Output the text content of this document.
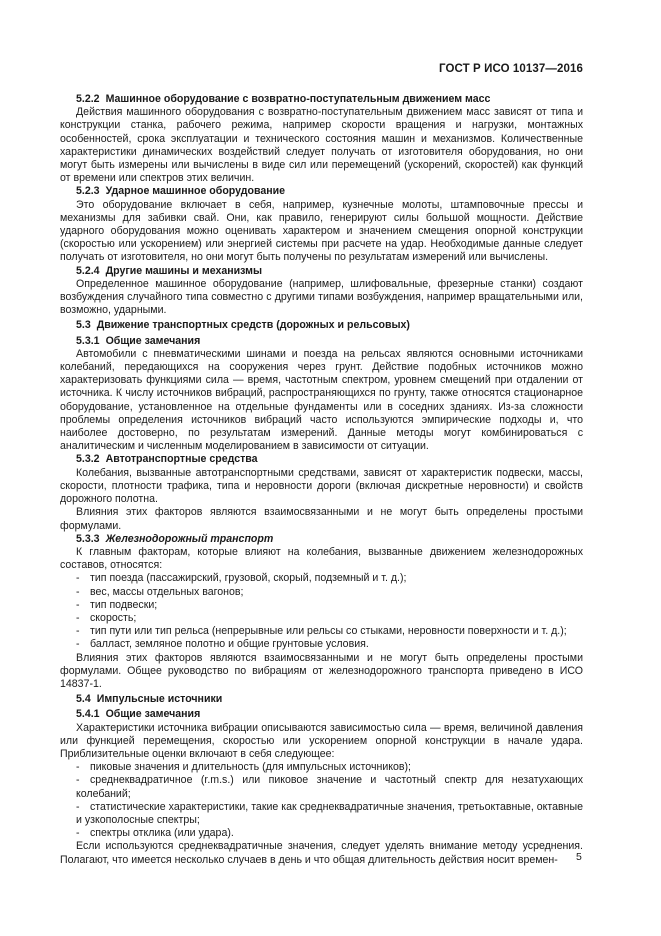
ГОСТ Р ИСО 10137—2016
5.2.2 Машинное оборудование с возвратно-поступательным движением масс

Действия машинного оборудования с возвратно-поступательным движением масс зависят от типа и конструкции станка, рабочего режима, например скорости вращения и нагрузки, монтажных особенностей, срока эксплуатации и технического состояния машин и механизмов. Количественные характеристики динамических воздействий следует получать от изготовителя оборудования, но они могут быть измерены или вычислены в виде сил или перемещений (ускорений, скоростей) как функций от времени или спектров этих величин.

5.2.3 Ударное машинное оборудование

Это оборудование включает в себя, например, кузнечные молоты, штамповочные прессы и механизмы для забивки свай. Они, как правило, генерируют силы большой мощности. Действие ударного оборудования можно оценивать характером и значением смещения опорной конструкции (скоростью или ускорением) или энергией системы при расчете на удар. Необходимые данные следует получать от изготовителя, но они могут быть получены по результатам измерений или вычислены.

5.2.4 Другие машины и механизмы

Определенное машинное оборудование (например, шлифовальные, фрезерные станки) создают возбуждения случайного типа совместно с другими типами возбуждения, например вращательными или, возможно, ударными.

5.3 Движение транспортных средств (дорожных и рельсовых)
5.3.1 Общие замечания

Автомобили с пневматическими шинами и поезда на рельсах являются основными источниками колебаний, передающихся на сооружения через грунт. Действие подобных источников можно характеризовать функциями сила — время, частотным спектром, уровнем смещений при отдалении от источника. К числу источников вибраций, распространяющихся по грунту, также относятся стационарное оборудование, установленное на отдельные фундаменты или в соседних зданиях. Из-за сложности проблемы определения источников вибраций часто используются эмпирические подходы и, что наиболее достоверно, по результатам измерений. Данные методы могут комбинироваться с аналитическим и численным моделированием в зависимости от ситуации.

5.3.2 Автотранспортные средства

Колебания, вызванные автотранспортными средствами, зависят от характеристик подвески, массы, скорости, плотности трафика, типа и неровности дороги (включая дискретные неровности) и свойств дорожного полотна.

Влияния этих факторов являются взаимосвязанными и не могут быть определены простыми формулами.

5.3.3 Железнодорожный транспорт

К главным факторам, которые влияют на колебания, вызванные движением железнодорожных составов, относятся:

- тип поезда (пассажирский, грузовой, скорый, подземный и т. д.);
- вес, массы отдельных вагонов;
- тип подвески;
- скорость;
- тип пути или тип рельса (непрерывные или рельсы со стыками, неровности поверхности и т. д.);
- балласт, земляное полотно и общие грунтовые условия.

Влияния этих факторов являются взаимосвязанными и не могут быть определены простыми формулами. Общее руководство по вибрациям от железнодорожного транспорта приведено в ИСО 14837-1.

5.4 Импульсные источники
5.4.1 Общие замечания

Характеристики источника вибрации описываются зависимостью сила — время, величиной давления или функцией перемещения, скоростью или ускорением опорной конструкции в начале удара. Приблизительные оценки включают в себя следующее:

- пиковые значения и длительность (для импульсных источников);
- среднеквадратичное (r.m.s.) или пиковое значение и частотный спектр для незатухающих колебаний;
- статистические характеристики, такие как среднеквадратичные значения, третьоктавные, октавные и узкополосные спектры;
- спектры отклика (или удара).

Если используются среднеквадратичные значения, следует уделять внимание методу усреднения. Полагают, что имеется несколько случаев в день и что общая длительность действия носит времен-	5
